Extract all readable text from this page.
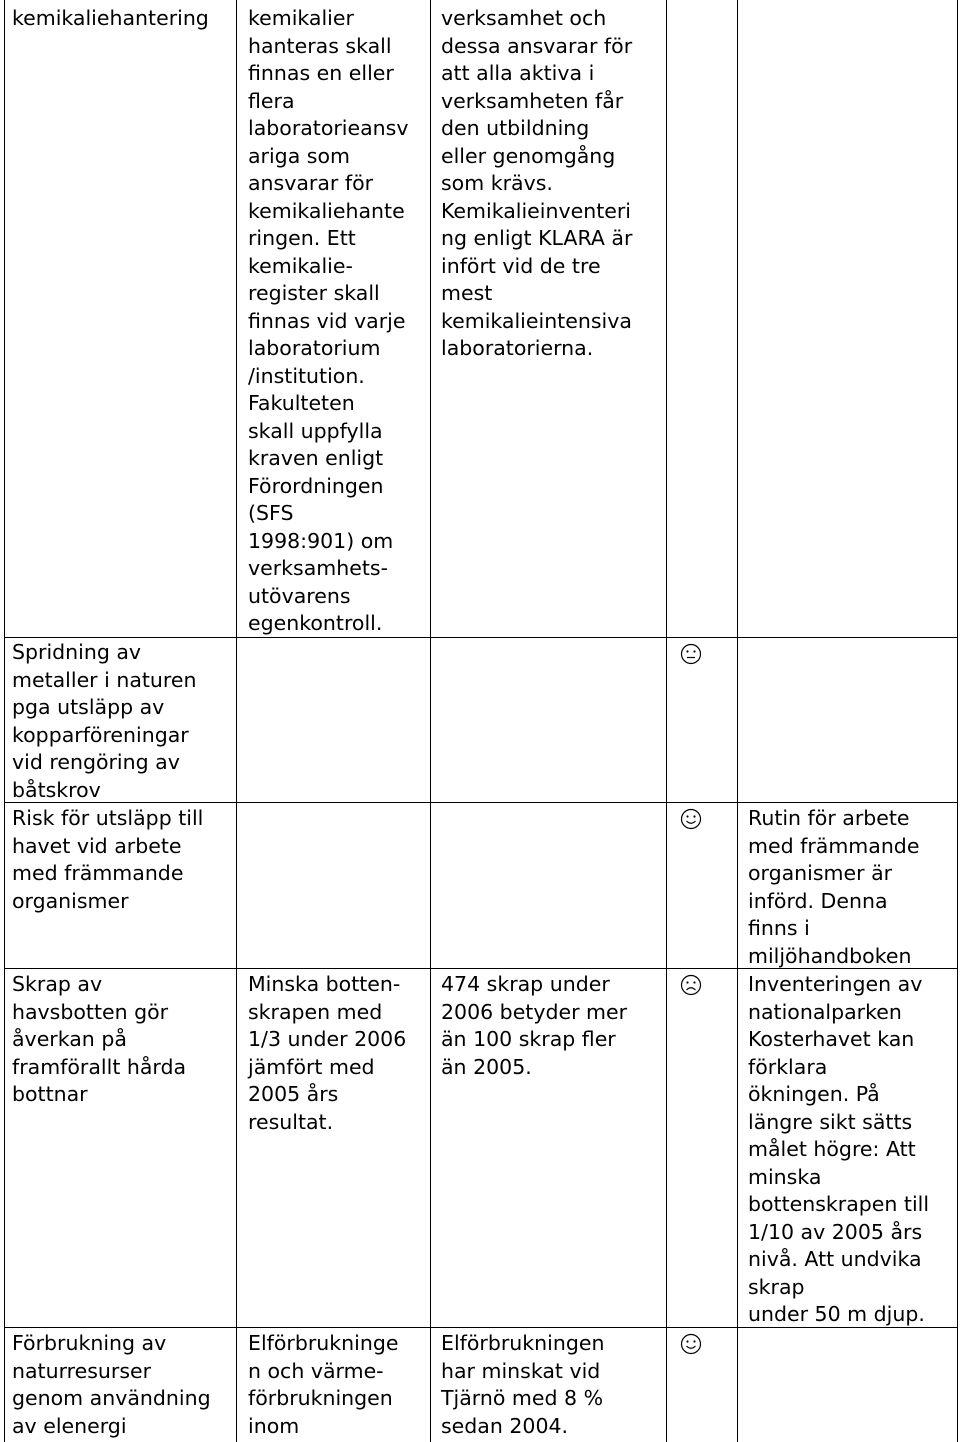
kemikaliehantering kemikalier
hanteras skall
finnas en eller
flera
laboratorieansv
ariga som
ansvarar för
kemikaliehante
ringen. Ett
kemikalie-
register skall
finnas vid varje
laboratorium
/institution.
Fakulteten
skall uppfylla
kraven enligt
Förordningen
(SFS
1998:901) om
verksamhets-
utövarens
egenkontroll.
verksamhet och
dessa ansvarar för
att alla aktiva i
verksamheten får
den utbildning
eller genomgång
som krävs.
Kemikalieinventeri
ng enligt KLARA är
infört vid de tre
mest
kemikalieintensiva
laboratorierna.
Spridning av
metaller i naturen
pga utsläpp av
kopparföreningar
vid rengöring av
båtskrov
Risk för utsläpp till
havet vid arbete
med främmande
organismer
Rutin för arbete
med främmande
organismer är
införd. Denna
finns i
miljöhandboken
Skrap av
havsbotten gör
åverkan på
framförallt hårda
bottnar
Minska botten-
skrapen med
1/3 under 2006
jämfört med
2005 års
resultat.
474 skrap under
2006 betyder mer
än 100 skrap fler
än 2005.
Inventeringen av
nationalparken
Kosterhavet kan
förklara
ökningen. På
längre sikt sätts
målet högre: Att
minska
bottenskrapen till
1/10 av 2005 års
nivå. Att undvika
skrap
under 50 m djup.
Förbrukning av
naturresurser
genom användning
av elenergi
Elförbrukninge
n och värme-
förbrukningen
inom
Elförbrukningen
har minskat vid
Tjärnö med 8 %
sedan 2004.
